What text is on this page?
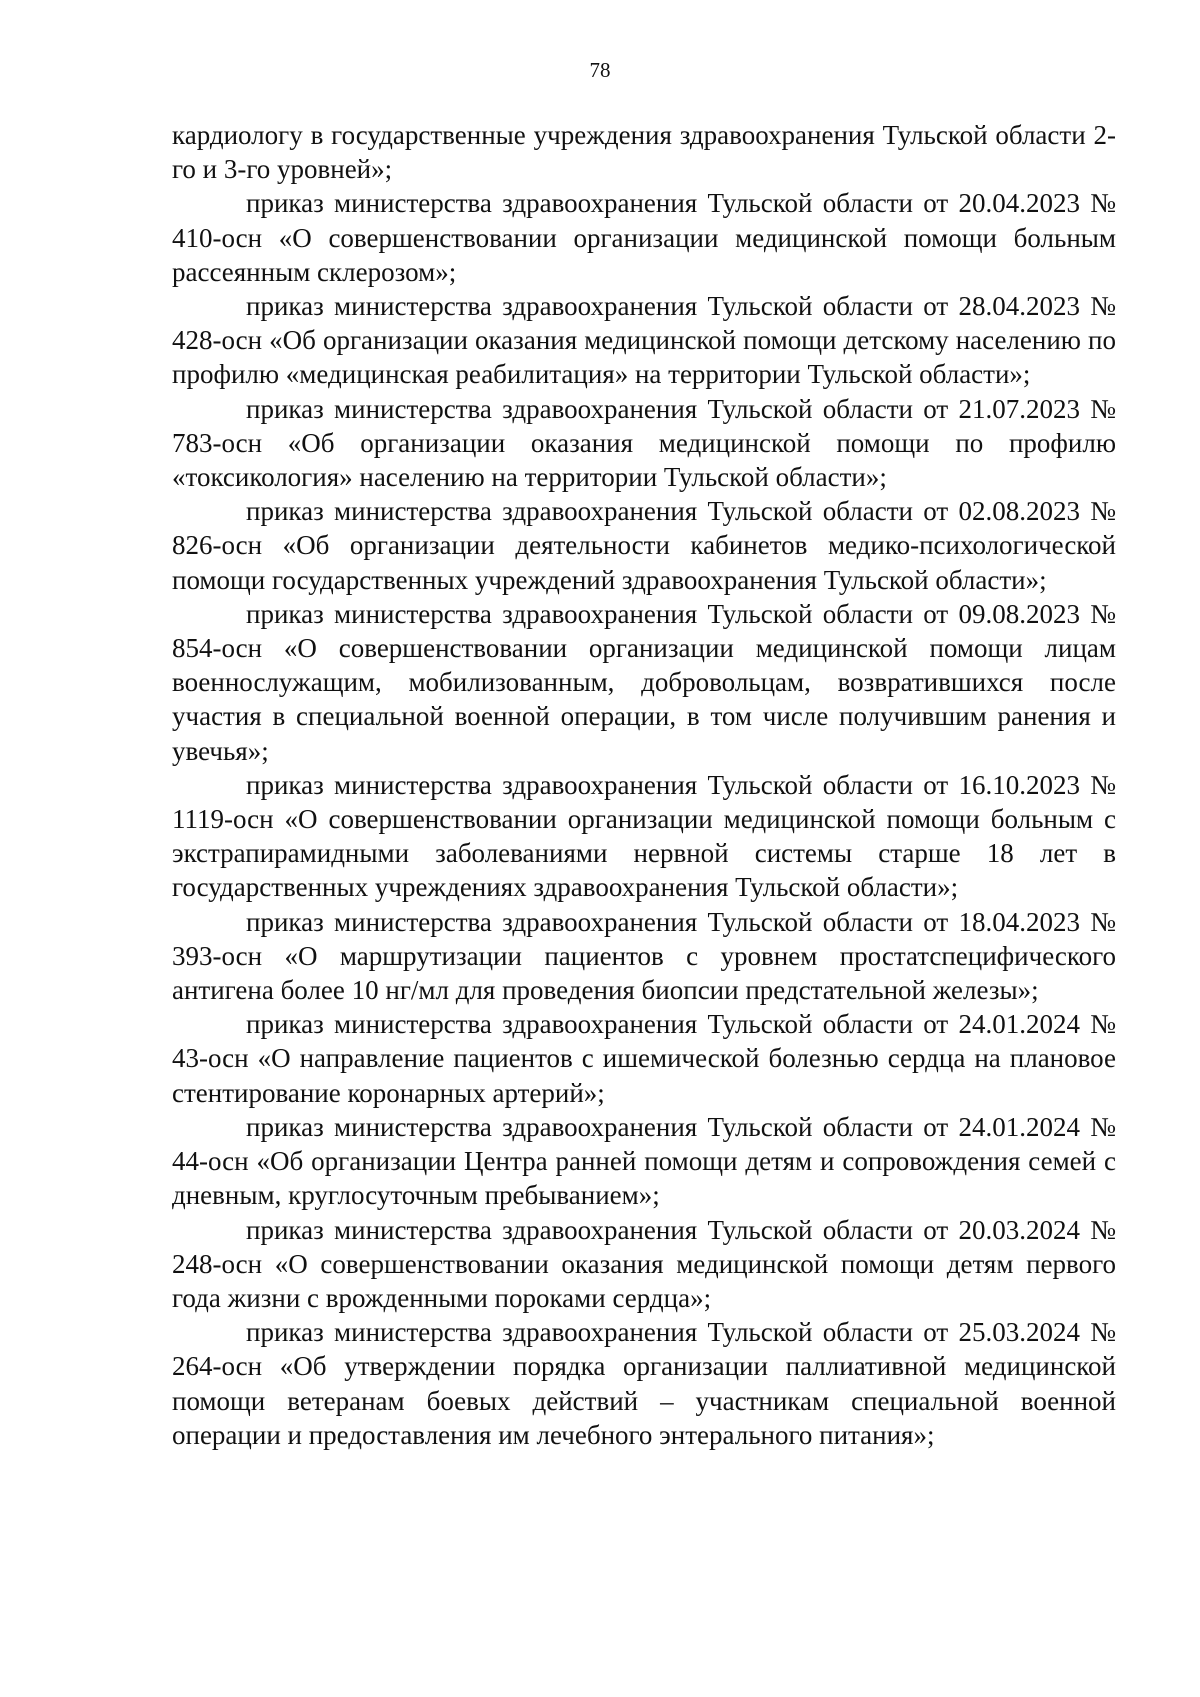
78

кардиологу в государственные учреждения здравоохранения Тульской области 2-го и 3-го уровней»;

приказ министерства здравоохранения Тульской области от 20.04.2023 № 410-осн «О совершенствовании организации медицинской помощи больным рассеянным склерозом»;

приказ министерства здравоохранения Тульской области от 28.04.2023 № 428-осн «Об организации оказания медицинской помощи детскому населению по профилю «медицинская реабилитация» на территории Тульской области»;

приказ министерства здравоохранения Тульской области от 21.07.2023 № 783-осн «Об организации оказания медицинской помощи по профилю «токсикология» населению на территории Тульской области»;

приказ министерства здравоохранения Тульской области от 02.08.2023 № 826-осн «Об организации деятельности кабинетов медико-психологической помощи государственных учреждений здравоохранения Тульской области»;

приказ министерства здравоохранения Тульской области от 09.08.2023 № 854-осн «О совершенствовании организации медицинской помощи лицам военнослужащим, мобилизованным, добровольцам, возвратившихся после участия в специальной военной операции, в том числе получившим ранения и увечья»;

приказ министерства здравоохранения Тульской области от 16.10.2023 № 1119-осн «О совершенствовании организации медицинской помощи больным с экстрапирамидными заболеваниями нервной системы старше 18 лет в государственных учреждениях здравоохранения Тульской области»;

приказ министерства здравоохранения Тульской области от 18.04.2023 № 393-осн «О маршрутизации пациентов с уровнем простатспецифического антигена более 10 нг/мл для проведения биопсии предстательной железы»;

приказ министерства здравоохранения Тульской области от 24.01.2024 № 43-осн «О направление пациентов с ишемической болезнью сердца на плановое стентирование коронарных артерий»;

приказ министерства здравоохранения Тульской области от 24.01.2024 № 44-осн «Об организации Центра ранней помощи детям и сопровождения семей с дневным, круглосуточным пребыванием»;

приказ министерства здравоохранения Тульской области от 20.03.2024 № 248-осн «О совершенствовании оказания медицинской помощи детям первого года жизни с врожденными пороками сердца»;

приказ министерства здравоохранения Тульской области от 25.03.2024 № 264-осн «Об утверждении порядка организации паллиативной медицинской помощи ветеранам боевых действий – участникам специальной военной операции и предоставления им лечебного энтерального питания»;
